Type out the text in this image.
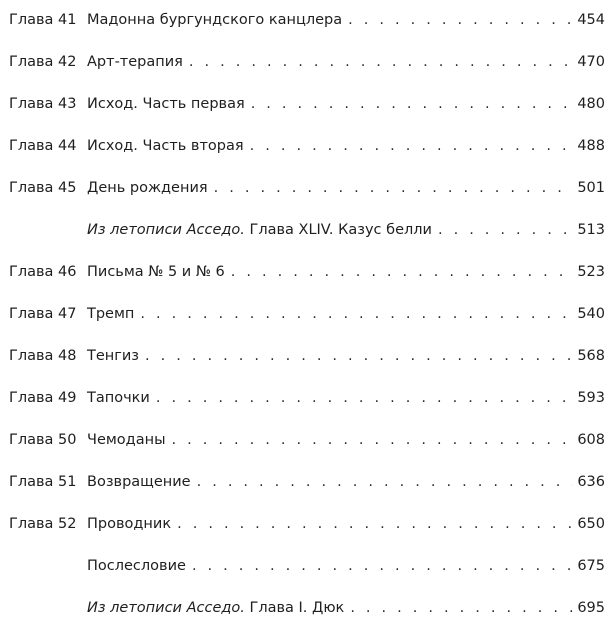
Глава 41 Мадонна бургундского канцлера . . .	454
Глава 42 Арт-терапия . . .	470
Глава 43 Исход. Часть первая . . .	480
Глава 44 Исход. Часть вторая . . .	488
Глава 45 День рождения . . .	501
Из летописи Асседо. Глава XLIV. Казус белли . . .	513
Глава 46 Письма № 5 и № 6 . . .	523
Глава 47 Тремп . . .	540
Глава 48 Тенгиз . . .	568
Глава 49 Тапочки . . .	593
Глава 50 Чемоданы . . .	608
Глава 51 Возвращение . . .	636
Глава 52 Проводник . . .	650
Послесловие . . .	675
Из летописи Асседо. Глава I. Дюк . . .	695
